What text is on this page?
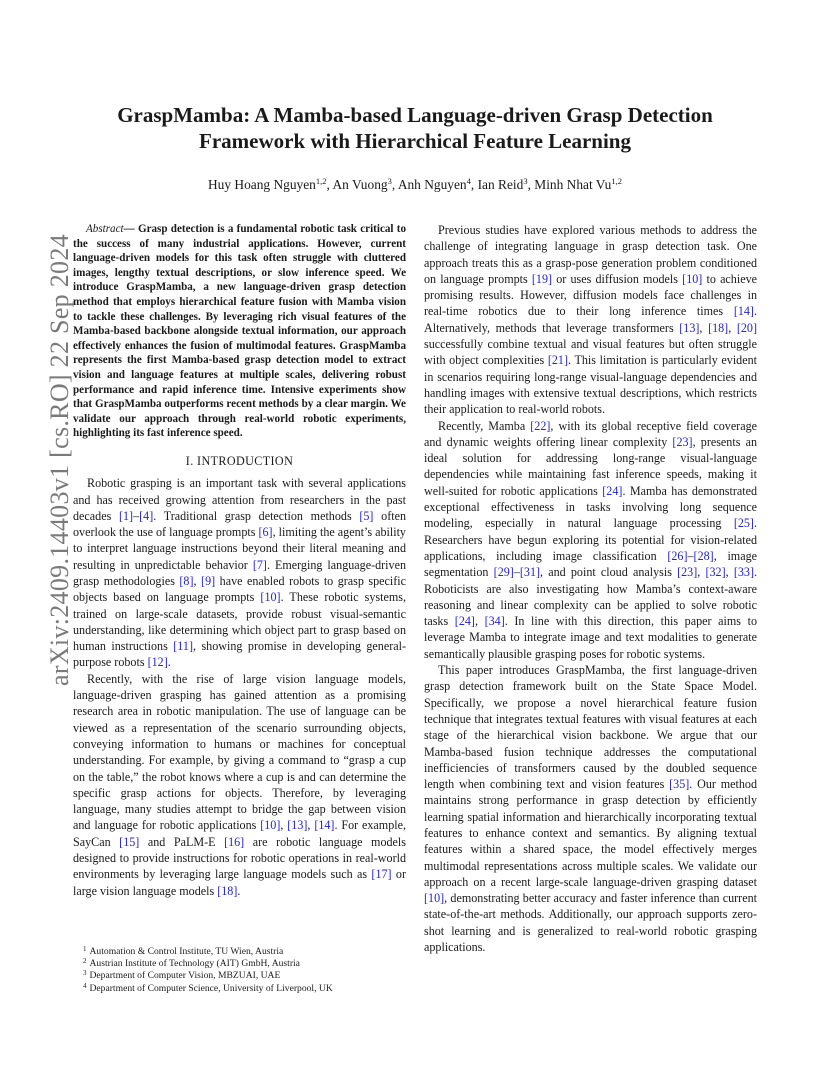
arXiv:2409.14403v1 [cs.RO] 22 Sep 2024
GraspMamba: A Mamba-based Language-driven Grasp Detection
Framework with Hierarchical Feature Learning

Huy Hoang Nguyen$^{1,2}$, An Vuong$^3$, Anh Nguyen$^4$, Ian Reid$^3$, Minh Nhat Vu$^{1,2}$

Abstract— Grasp detection is a fundamental robotic task critical to the success of many industrial applications. However, current language-driven models for this task often struggle with cluttered images, lengthy textual descriptions, or slow inference speed. We introduce GraspMamba, a new language-driven grasp detection method that employs hierarchical feature fusion with Mamba vision to tackle these challenges. By leveraging rich visual features of the Mamba-based backbone alongside textual information, our approach effectively enhances the fusion of multimodal features. GraspMamba represents the first Mamba-based grasp detection model to extract vision and language features at multiple scales, delivering robust performance and rapid inference time. Intensive experiments show that GraspMamba outperforms recent methods by a clear margin. We validate our approach through real-world robotic experiments, highlighting its fast inference speed.

I. INTRODUCTION

Robotic grasping is an important task with several applications and has received growing attention from researchers in the past decades [1]–[4]. Traditional grasp detection methods [5] often overlook the use of language prompts [6], limiting the agent’s ability to interpret language instructions beyond their literal meaning and resulting in unpredictable behavior [7]. Emerging language-driven grasp methodologies [8], [9] have enabled robots to grasp specific objects based on language prompts [10]. These robotic systems, trained on large-scale datasets, provide robust visual-semantic understanding, like determining which object part to grasp based on human instructions [11], showing promise in developing general-purpose robots [12].

Recently, with the rise of large vision language models, language-driven grasping has gained attention as a promising research area in robotic manipulation. The use of language can be viewed as a representation of the scenario surrounding objects, conveying information to humans or machines for conceptual understanding. For example, by giving a command to “grasp a cup on the table,” the robot knows where a cup is and can determine the specific grasp actions for objects. Therefore, by leveraging language, many studies attempt to bridge the gap between vision and language for robotic applications [10], [13], [14]. For example, SayCan [15] and PaLM-E [16] are robotic language models designed to provide instructions for robotic operations in real-world environments by leveraging large language models such as [17] or large vision language models [18].

Previous studies have explored various methods to address the challenge of integrating language in grasp detection task. One approach treats this as a grasp-pose generation problem conditioned on language prompts [19] or uses diffusion models [10] to achieve promising results. However, diffusion models face challenges in real-time robotics due to their long inference times [14]. Alternatively, methods that leverage transformers [13], [18], [20] successfully combine textual and visual features but often struggle with object complexities [21]. This limitation is particularly evident in scenarios requiring long-range visual-language dependencies and handling images with extensive textual descriptions, which restricts their application to real-world robots.

Recently, Mamba [22], with its global receptive field coverage and dynamic weights offering linear complexity [23], presents an ideal solution for addressing long-range visual-language dependencies while maintaining fast inference speeds, making it well-suited for robotic applications [24]. Mamba has demonstrated exceptional effectiveness in tasks involving long sequence modeling, especially in natural language processing [25]. Researchers have begun exploring its potential for vision-related applications, including image classification [26]–[28], image segmentation [29]–[31], and point cloud analysis [23], [32], [33]. Roboticists are also investigating how Mamba’s context-aware reasoning and linear complexity can be applied to solve robotic tasks [24], [34]. In line with this direction, this paper aims to leverage Mamba to integrate image and text modalities to generate semantically plausible grasping poses for robotic systems.

This paper introduces GraspMamba, the first language-driven grasp detection framework built on the State Space Model. Specifically, we propose a novel hierarchical feature fusion technique that integrates textual features with visual features at each stage of the hierarchical vision backbone. We argue that our Mamba-based fusion technique addresses the computational inefficiencies of transformers caused by the doubled sequence length when combining text and vision features [35]. Our method maintains strong performance in grasp detection by efficiently learning spatial information and hierarchically incorporating textual features to enhance context and semantics. By aligning textual features within a shared space, the model effectively merges multimodal representations across multiple scales. We validate our approach on a recent large-scale language-driven grasping dataset [10], demonstrating better accuracy and faster inference than current state-of-the-art methods. Additionally, our approach supports zero-shot learning and is generalized to real-world robotic grasping applications.

$^1$ Automation & Control Institute, TU Wien, Austria
$^2$ Austrian Institute of Technology (AIT) GmbH, Austria
$^3$ Department of Computer Vision, MBZUAI, UAE
$^4$ Department of Computer Science, University of Liverpool, UK
